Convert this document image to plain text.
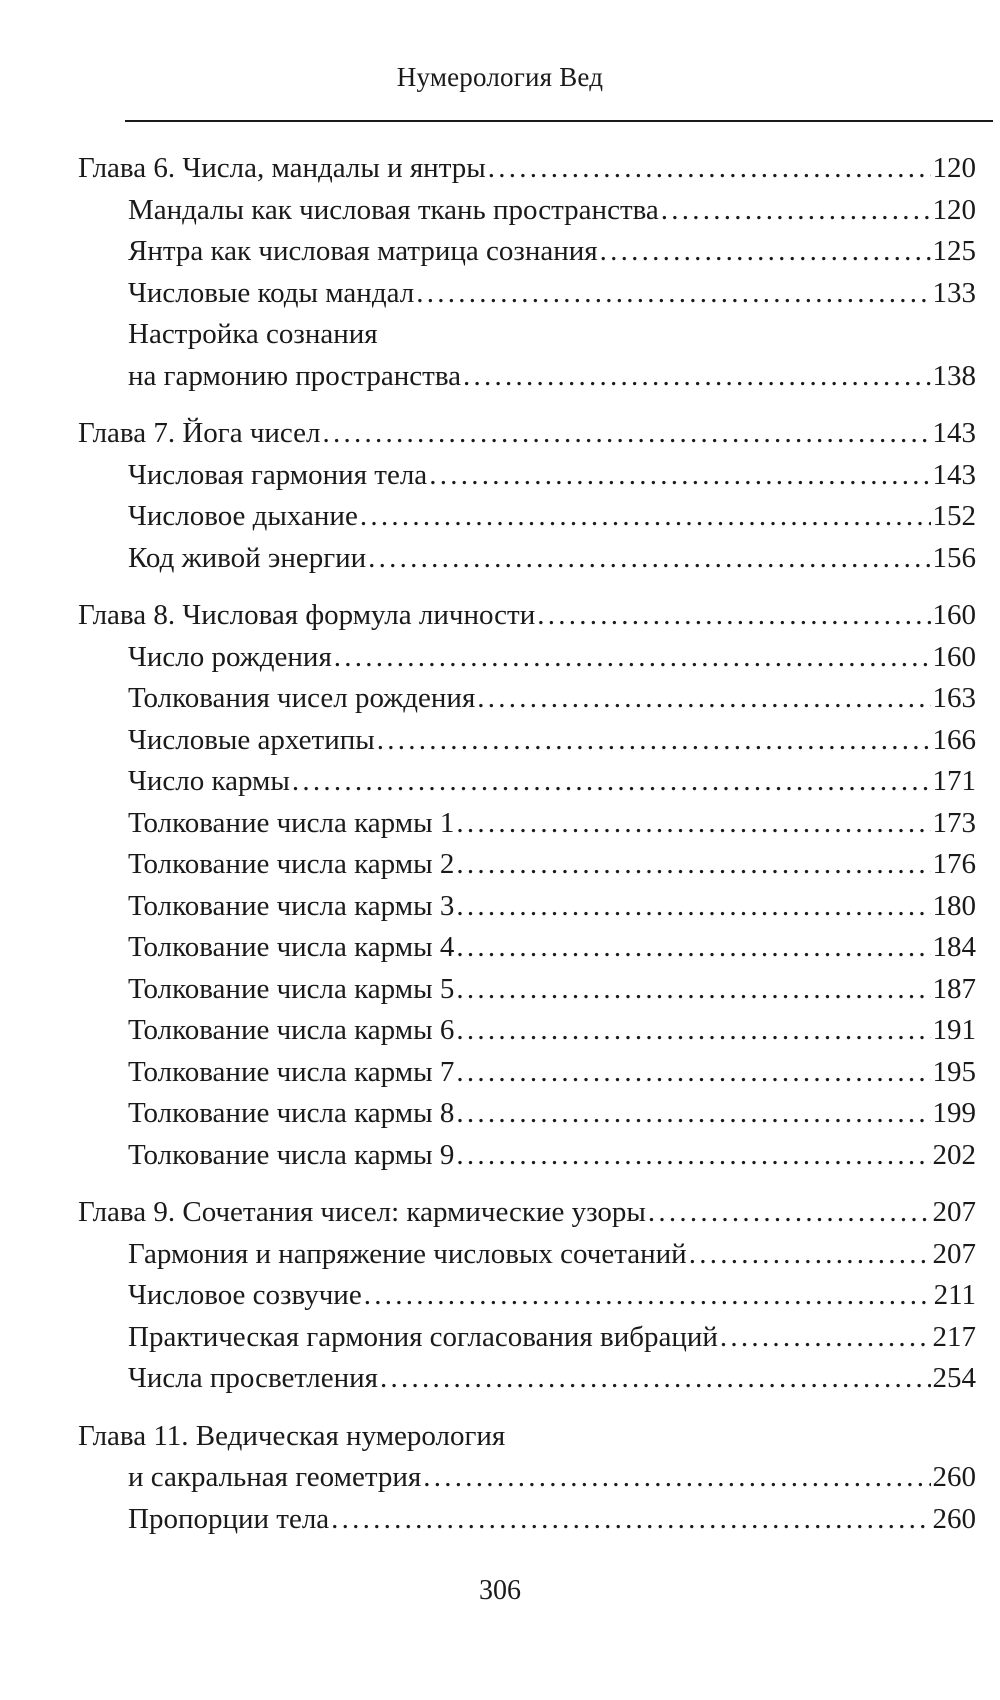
Нумерология Вед
Глава 6. Числа, мандалы и янтры . . .	120
Мандалы как числовая ткань пространства . . .	120
Янтра как числовая матрица сознания . . .	125
Числовые коды мандал . . .	133
Настройка сознания
на гармонию пространства . . .	138
Глава 7. Йога чисел . . .	143
Числовая гармония тела . . .	143
Числовое дыхание . . .	152
Код живой энергии . . .	156
Глава 8. Числовая формула личности . . .	160
Число рождения . . .	160
Толкования чисел рождения . . .	163
Числовые архетипы . . .	166
Число кармы . . .	171
Толкование числа кармы 1 . . .	173
Толкование числа кармы 2 . . .	176
Толкование числа кармы 3 . . .	180
Толкование числа кармы 4 . . .	184
Толкование числа кармы 5 . . .	187
Толкование числа кармы 6 . . .	191
Толкование числа кармы 7 . . .	195
Толкование числа кармы 8 . . .	199
Толкование числа кармы 9 . . .	202
Глава 9. Сочетания чисел: кармические узоры . . .	207
Гармония и напряжение числовых сочетаний . . .	207
Числовое созвучие . . .	211
Практическая гармония согласования вибраций . . .	217
Числа просветления . . .	254
Глава 11. Ведическая нумерология
и сакральная геометрия . . .	260
Пропорции тела . . .	260
306
